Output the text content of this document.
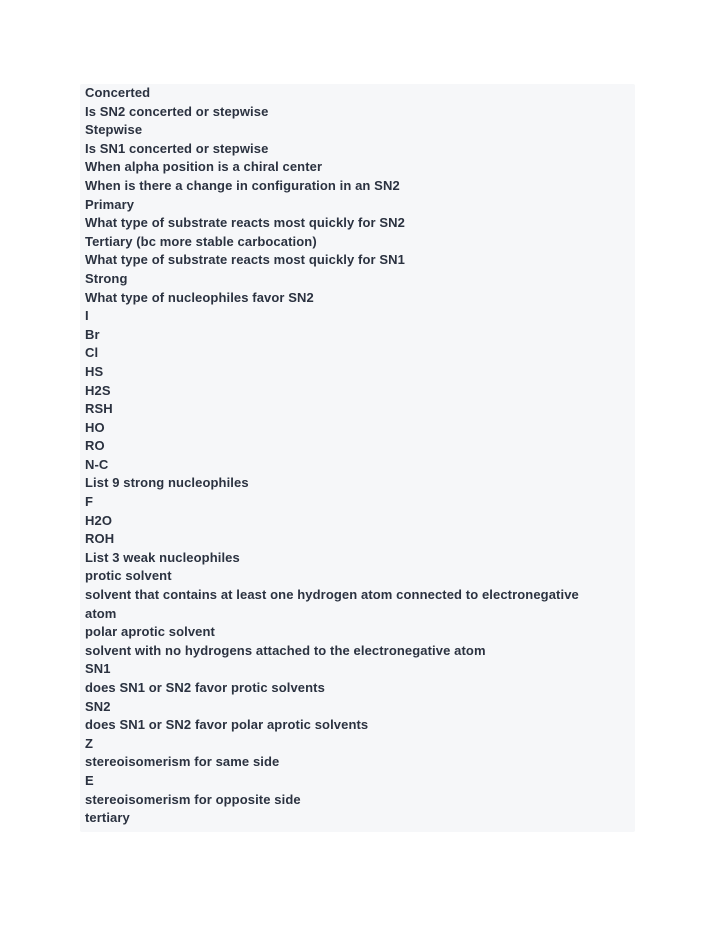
Concerted
Is SN2 concerted or stepwise
Stepwise
Is SN1 concerted or stepwise
When alpha position is a chiral center
When is there a change in configuration in an SN2
Primary
What type of substrate reacts most quickly for SN2
Tertiary (bc more stable carbocation)
What type of substrate reacts most quickly for SN1
Strong
What type of nucleophiles favor SN2
I
Br
Cl
HS
H2S
RSH
HO
RO
N-C
List 9 strong nucleophiles
F
H2O
ROH
List 3 weak nucleophiles
protic solvent
solvent that contains at least one hydrogen atom connected to electronegative
atom
polar aprotic solvent
solvent with no hydrogens attached to the electronegative atom
SN1
does SN1 or SN2 favor protic solvents
SN2
does SN1 or SN2 favor polar aprotic solvents
Z
stereoisomerism for same side
E
stereoisomerism for opposite side
tertiary
